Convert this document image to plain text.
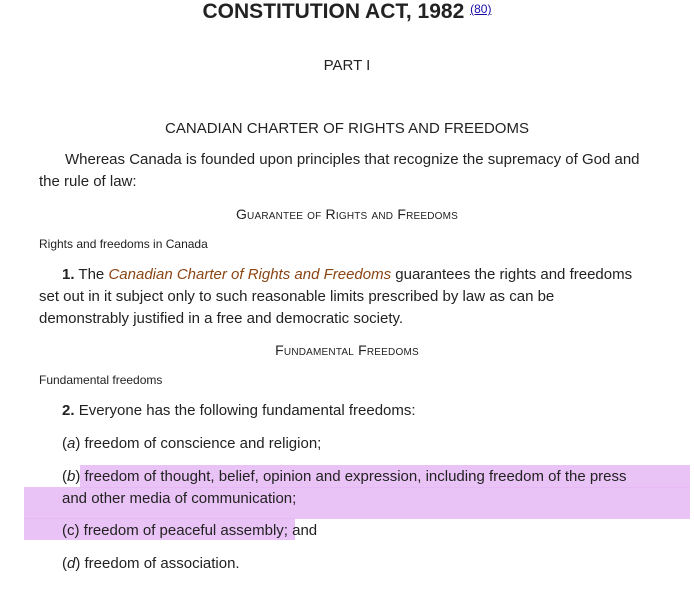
CONSTITUTION ACT, 1982 $^{(80)}$
PART I
CANADIAN CHARTER OF RIGHTS AND FREEDOMS
Whereas Canada is founded upon principles that recognize the supremacy of God and
the rule of law:
Guarantee of Rights and Freedoms
Rights and freedoms in Canada
1. The Canadian Charter of Rights and Freedoms guarantees the rights and freedoms
set out in it subject only to such reasonable limits prescribed by law as can be
demonstrably justified in a free and democratic society.
Fundamental Freedoms
Fundamental freedoms
2. Everyone has the following fundamental freedoms:
(a) freedom of conscience and religion;
(b) freedom of thought, belief, opinion and expression, including freedom of the press
and other media of communication;
(c) freedom of peaceful assembly; and
(d) freedom of association.
